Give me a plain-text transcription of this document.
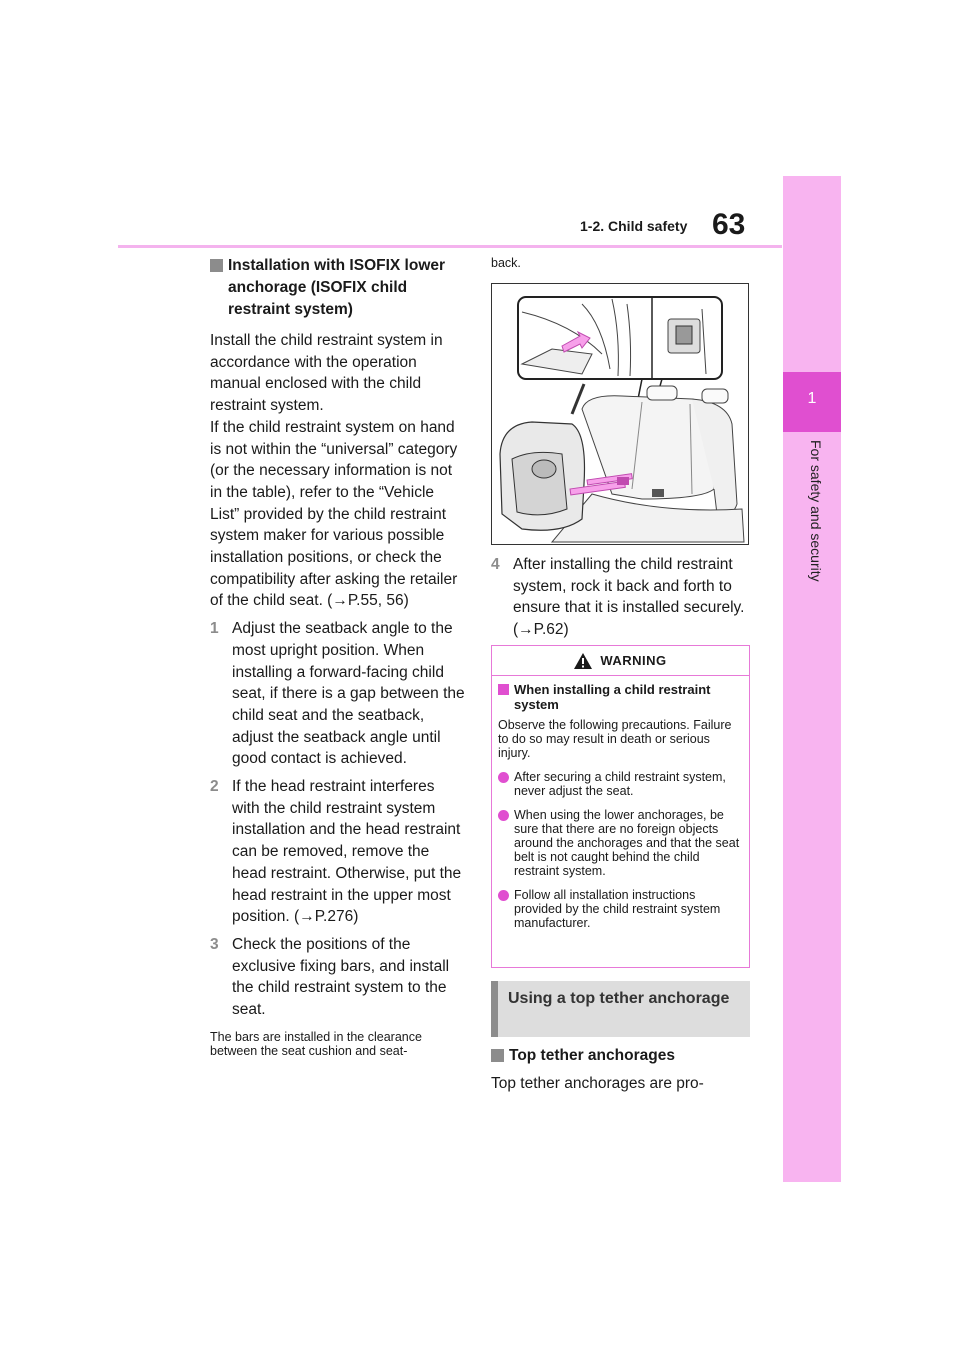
1-2. Child safety 63
1
For safety and security
Installation with ISOFIX lower anchorage (ISOFIX child restraint system)
Install the child restraint system in accordance with the operation manual enclosed with the child restraint system.
If the child restraint system on hand is not within the “universal” category (or the necessary information is not in the table), refer to the “Vehicle List” provided by the child restraint system maker for various possible installation positions, or check the compatibility after asking the retailer of the child seat. (→P.55, 56)
1 Adjust the seatback angle to the most upright position. When installing a forward-facing child seat, if there is a gap between the child seat and the seatback, adjust the seatback angle until good contact is achieved.
2 If the head restraint interferes with the child restraint system installation and the head restraint can be removed, remove the head restraint. Otherwise, put the head restraint in the upper most position. (→P.276)
3 Check the positions of the exclusive fixing bars, and install the child restraint system to the seat.
The bars are installed in the clearance between the seat cushion and seat-
back.
4 After installing the child restraint system, rock it back and forth to ensure that it is installed securely. (→P.62)
WARNING
When installing a child restraint system
Observe the following precautions. Failure to do so may result in death or serious injury.
After securing a child restraint system, never adjust the seat.
When using the lower anchorages, be sure that there are no foreign objects around the anchorages and that the seat belt is not caught behind the child restraint system.
Follow all installation instructions provided by the child restraint system manufacturer.
Using a top tether anchorage
Top tether anchorages
Top tether anchorages are pro-
